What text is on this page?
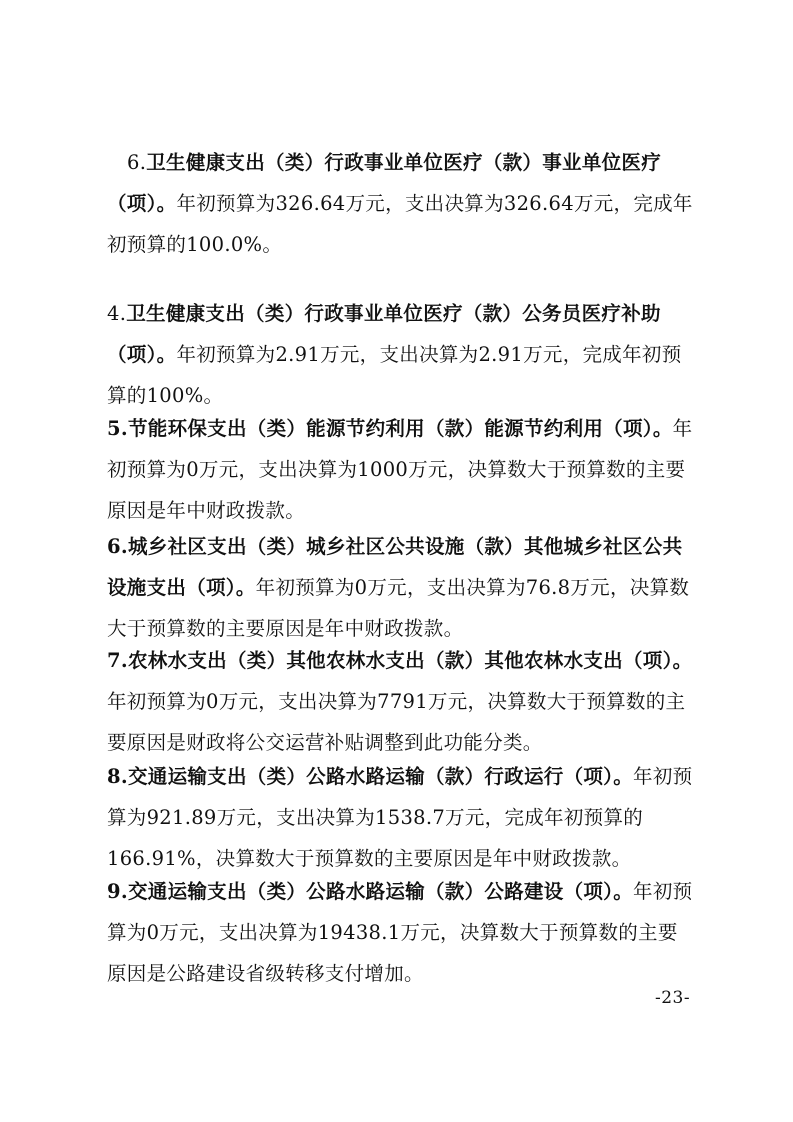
6.卫生健康支出（类）行政事业单位医疗（款）事业单位医疗（项）。年初预算为326.64万元，支出决算为326.64万元，完成年初预算的100.0%。

4.卫生健康支出（类）行政事业单位医疗（款）公务员医疗补助（项）。年初预算为2.91万元，支出决算为2.91万元，完成年初预算的100%。

5.节能环保支出（类）能源节约利用（款）能源节约利用（项）。年初预算为0万元，支出决算为1000万元，决算数大于预算数的主要原因是年中财政拨款。

6.城乡社区支出（类）城乡社区公共设施（款）其他城乡社区公共设施支出（项）。年初预算为0万元，支出决算为76.8万元，决算数大于预算数的主要原因是年中财政拨款。

7.农林水支出（类）其他农林水支出（款）其他农林水支出（项）。年初预算为0万元，支出决算为7791万元，决算数大于预算数的主要原因是财政将公交运营补贴调整到此功能分类。

8.交通运输支出（类）公路水路运输（款）行政运行（项）。年初预算为921.89万元，支出决算为1538.7万元，完成年初预算的166.91%，决算数大于预算数的主要原因是年中财政拨款。

9.交通运输支出（类）公路水路运输（款）公路建设（项）。年初预算为0万元，支出决算为19438.1万元，决算数大于预算数的主要原因是公路建设省级转移支付增加。

-23-
